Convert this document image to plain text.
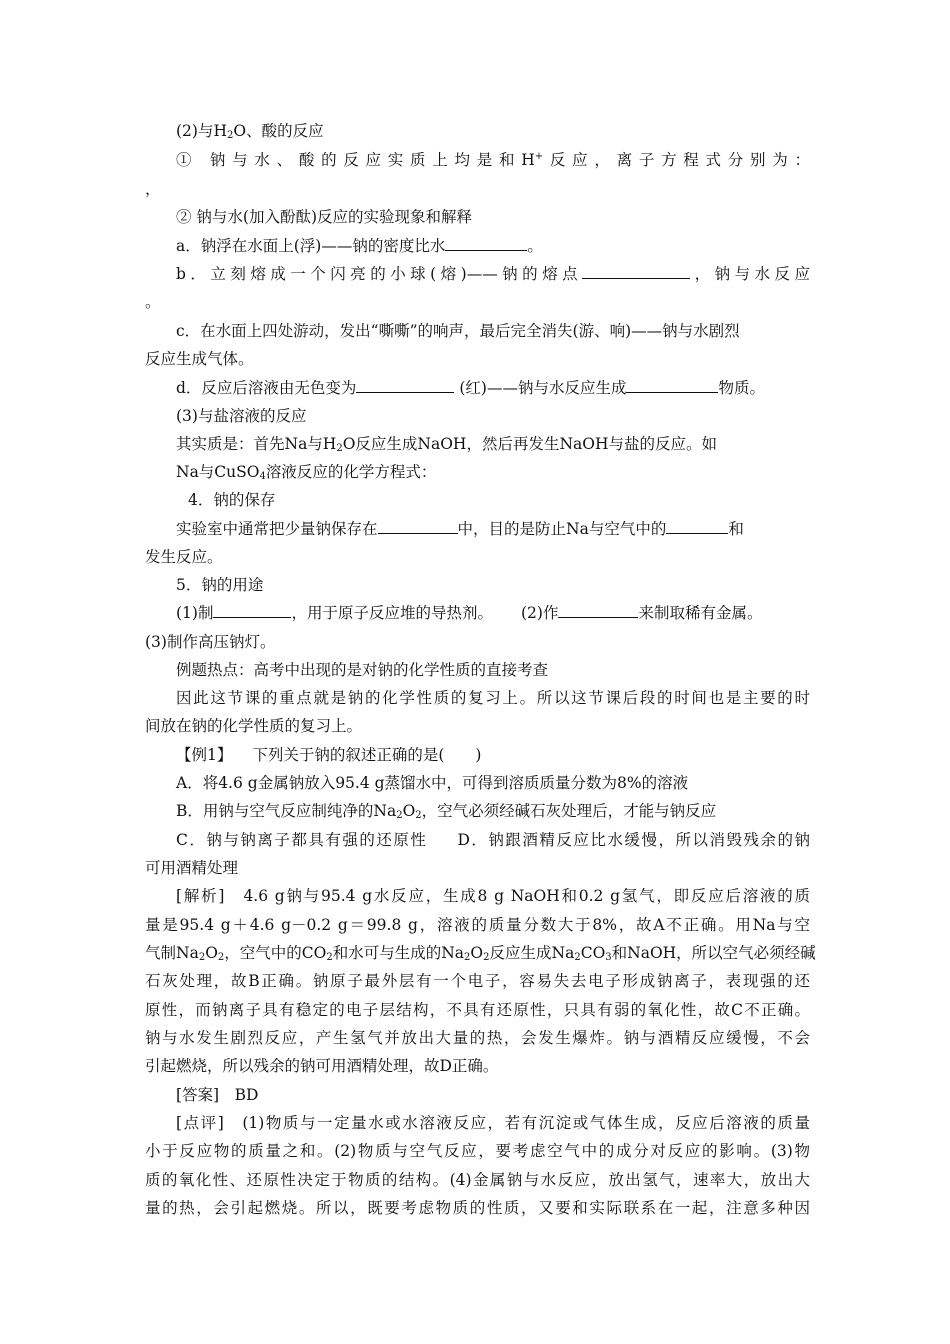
(2)与$H_2O$、酸的反应
① 钠与水、酸的反应实质上均是和H+反应，离子方程式分别为：
，
② 钠与水(加入酚酞)反应的实验现象和解释
a．钠浮在水面上(浮)——钠的密度比水	。
b．立刻熔成一个闪亮的小球(熔)——钠的熔点	，钠与水反应
。
c．在水面上四处游动，发出“嘶嘶”的响声，最后完全消失(游、响)——钠与水剧烈
反应生成气体。
d．反应后溶液由无色变为	(红)——钠与水反应生成	物质。
(3)与盐溶液的反应
其实质是：首先Na与$H_2O$反应生成NaOH，然后再发生NaOH与盐的反应。如
Na与CuSO$_4$溶液反应的化学方程式：
4．钠的保存
实验室中通常把少量钠保存在	中，目的是防止Na与空气中的	和
发生反应。
5．钠的用途
(1)制	，用于原子反应堆的导热剂。 (2)作	来制取稀有金属。
(3)制作高压钠灯。
例题热点：高考中出现的是对钠的化学性质的直接考查
因此这节课的重点就是钠的化学性质的复习上。所以这节课后段的时间也是主要的时
间放在钠的化学性质的复习上。
【例1】 下列关于钠的叙述正确的是(　　)
A．将4.6 g金属钠放入95.4 g蒸馏水中，可得到溶质质量分数为8%的溶液
B．用钠与空气反应制纯净的$Na_2O_2$，空气必须经碱石灰处理后，才能与钠反应
C．钠与钠离子都具有强的还原性 D．钠跟酒精反应比水缓慢，所以消毁残余的钠
可用酒精处理
[解析]　4.6 g钠与95.4 g水反应，生成8 g NaOH和0.2 g氢气，即反应后溶液的质
量是95.4 g＋4.6 g－0.2 g＝99.8 g，溶液的质量分数大于8%，故A不正确。用Na与空
气制$Na_2O_2$，空气中的$CO_2$和水可与生成的$Na_2O_2$反应生成$Na_2CO_3$和NaOH，所以空气必须经碱
石灰处理，故B正确。钠原子最外层有一个电子，容易失去电子形成钠离子，表现强的还
原性，而钠离子具有稳定的电子层结构，不具有还原性，只具有弱的氧化性，故C不正确。
钠与水发生剧烈反应，产生氢气并放出大量的热，会发生爆炸。钠与酒精反应缓慢，不会
引起燃烧，所以残余的钠可用酒精处理，故D正确。
[答案]　BD
[点评]　(1)物质与一定量水或水溶液反应，若有沉淀或气体生成，反应后溶液的质量
小于反应物的质量之和。(2)物质与空气反应，要考虑空气中的成分对反应的影响。(3)物
质的氧化性、还原性决定于物质的结构。(4)金属钠与水反应，放出氢气，速率大，放出大
量的热，会引起燃烧。所以，既要考虑物质的性质，又要和实际联系在一起，注意多种因
